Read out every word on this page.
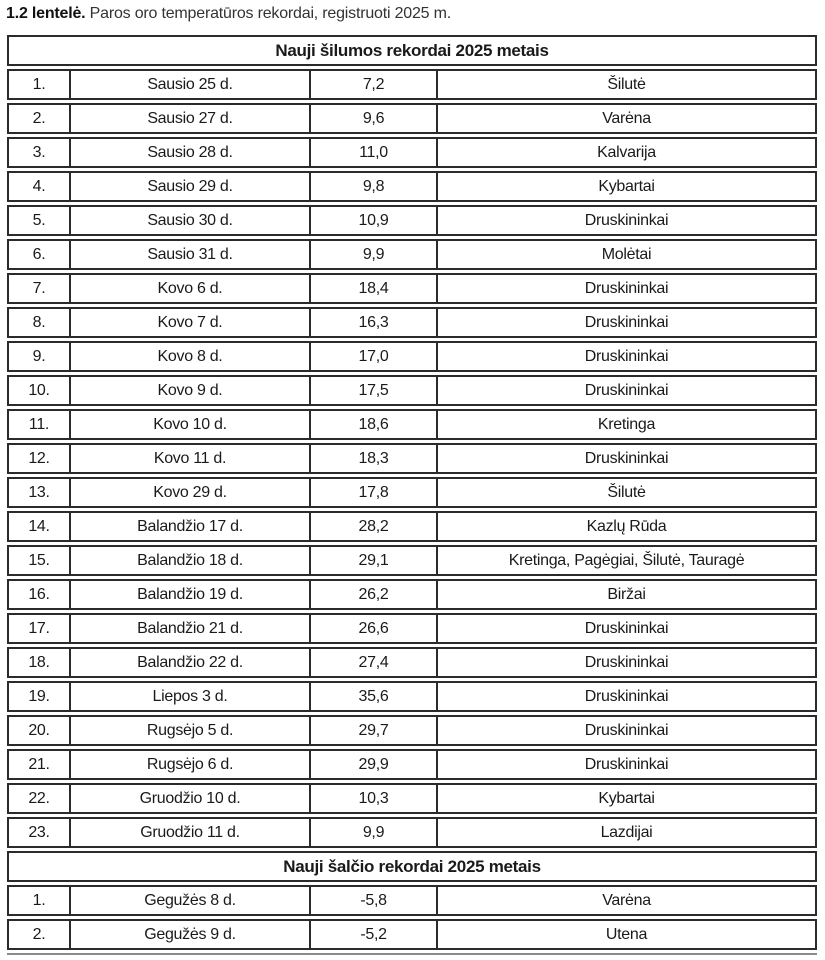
1.2 lentelė. Paros oro temperatūros rekordai, registruoti 2025 m.
Nauji šilumos rekordai 2025 metais			
1.	Sausio 25 d.	7,2	Šilutė
2.	Sausio 27 d.	9,6	Varėna
3.	Sausio 28 d.	11,0	Kalvarija
4.	Sausio 29 d.	9,8	Kybartai
5.	Sausio 30 d.	10,9	Druskininkai
6.	Sausio 31 d.	9,9	Molėtai
7.	Kovo 6 d.	18,4	Druskininkai
8.	Kovo 7 d.	16,3	Druskininkai
9.	Kovo 8 d.	17,0	Druskininkai
10.	Kovo 9 d.	17,5	Druskininkai
11.	Kovo 10 d.	18,6	Kretinga
12.	Kovo 11 d.	18,3	Druskininkai
13.	Kovo 29 d.	17,8	Šilutė
14.	Balandžio 17 d.	28,2	Kazlų Rūda
15.	Balandžio 18 d.	29,1	Kretinga, Pagėgiai, Šilutė, Tauragė
16.	Balandžio 19 d.	26,2	Biržai
17.	Balandžio 21 d.	26,6	Druskininkai
18.	Balandžio 22 d.	27,4	Druskininkai
19.	Liepos 3 d.	35,6	Druskininkai
20.	Rugsėjo 5 d.	29,7	Druskininkai
21.	Rugsėjo 6 d.	29,9	Druskininkai
22.	Gruodžio 10 d.	10,3	Kybartai
23.	Gruodžio 11 d.	9,9	Lazdijai
Nauji šalčio rekordai 2025 metais			
1.	Gegužės 8 d.	-5,8	Varėna
2.	Gegužės 9 d.	-5,2	Utena
